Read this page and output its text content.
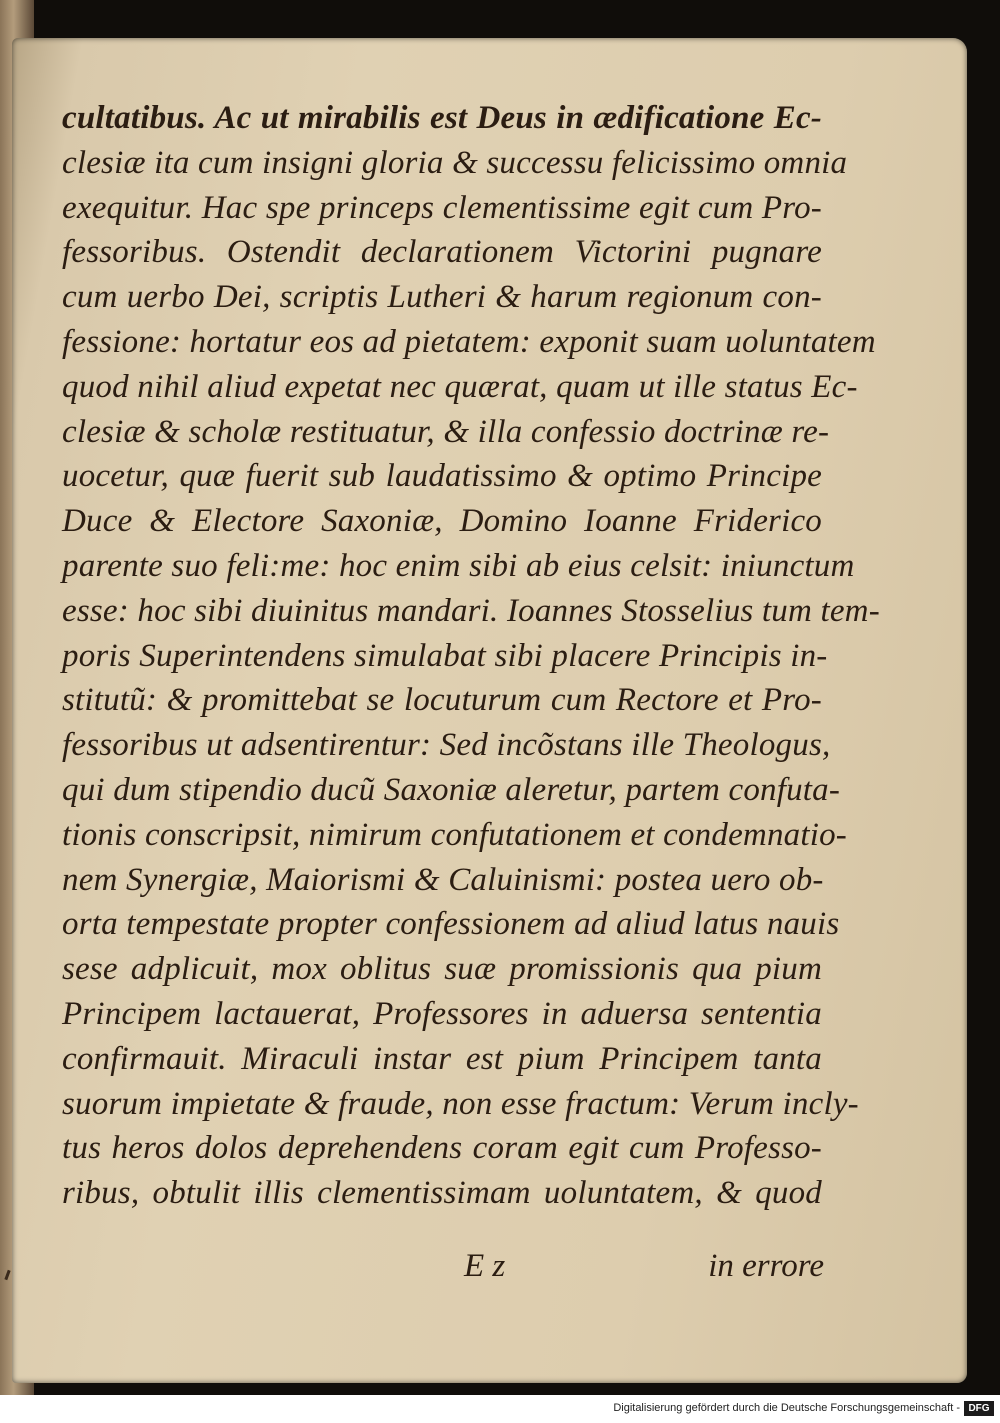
cultatibus. Ac ut mirabilis est Deus in ædificatione Ec-
clesiæ ita cum insigni gloria & successu felicissimo omnia
exequitur. Hac spe princeps clementissime egit cum Pro-
fessoribus. Ostendit declarationem Victorini pugnare
cum uerbo Dei, scriptis Lutheri & harum regionum con-
fessione: hortatur eos ad pietatem: exponit suam uoluntatem
quod nihil aliud expetat nec quærat, quam ut ille status Ec-
clesiæ & scholæ restituatur, & illa confessio doctrinæ re-
uocetur, quæ fuerit sub laudatissimo & optimo Principe
Duce & Electore Saxoniæ, Domino Ioanne Friderico
parente suo feli:me: hoc enim sibi ab eius celsit: iniunctum
esse: hoc sibi diuinitus mandari. Ioannes Stosselius tum tem-
poris Superintendens simulabat sibi placere Principis in-
stitutũ: & promittebat se locuturum cum Rectore et Pro-
fessoribus ut adsentirentur: Sed incõstans ille Theologus,
qui dum stipendio ducũ Saxoniæ aleretur, partem confuta-
tionis conscripsit, nimirum confutationem et condemnatio-
nem Synergiæ, Maiorismi & Caluinismi: postea uero ob-
orta tempestate propter confessionem ad aliud latus nauis
sese adplicuit, mox oblitus suæ promissionis qua pium
Principem lactauerat, Professores in aduersa sententia
confirmauit. Miraculi instar est pium Principem tanta
suorum impietate & fraude, non esse fractum: Verum incly-
tus heros dolos deprehendens coram egit cum Professo-
ribus, obtulit illis clementissimam uoluntatem, & quod
E z	in errore
Digitalisierung gefördert durch die Deutsche Forschungsgemeinschaft - DFG
